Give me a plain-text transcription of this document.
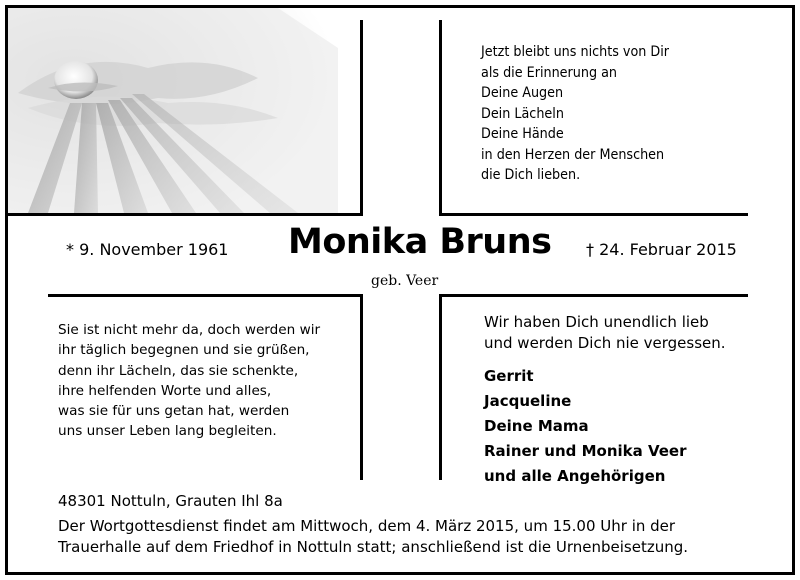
Jetzt bleibt uns nichts von Dir
als die Erinnerung an
Deine Augen
Dein Lächeln
Deine Hände
in den Herzen der Menschen
die Dich lieben.
* 9. November 1961 Monika Bruns † 24. Februar 2015
geb. Veer
Sie ist nicht mehr da, doch werden wir
ihr täglich begegnen und sie grüßen,
denn ihr Lächeln, das sie schenkte,
ihre helfenden Worte und alles,
was sie für uns getan hat, werden
uns unser Leben lang begleiten.
Wir haben Dich unendlich lieb
und werden Dich nie vergessen.
Gerrit
Jacqueline
Deine Mama
Rainer und Monika Veer
und alle Angehörigen
48301 Nottuln, Grauten Ihl 8a
Der Wortgottesdienst findet am Mittwoch, dem 4. März 2015, um 15.00 Uhr in der
Trauerhalle auf dem Friedhof in Nottuln statt; anschließend ist die Urnenbeisetzung.
